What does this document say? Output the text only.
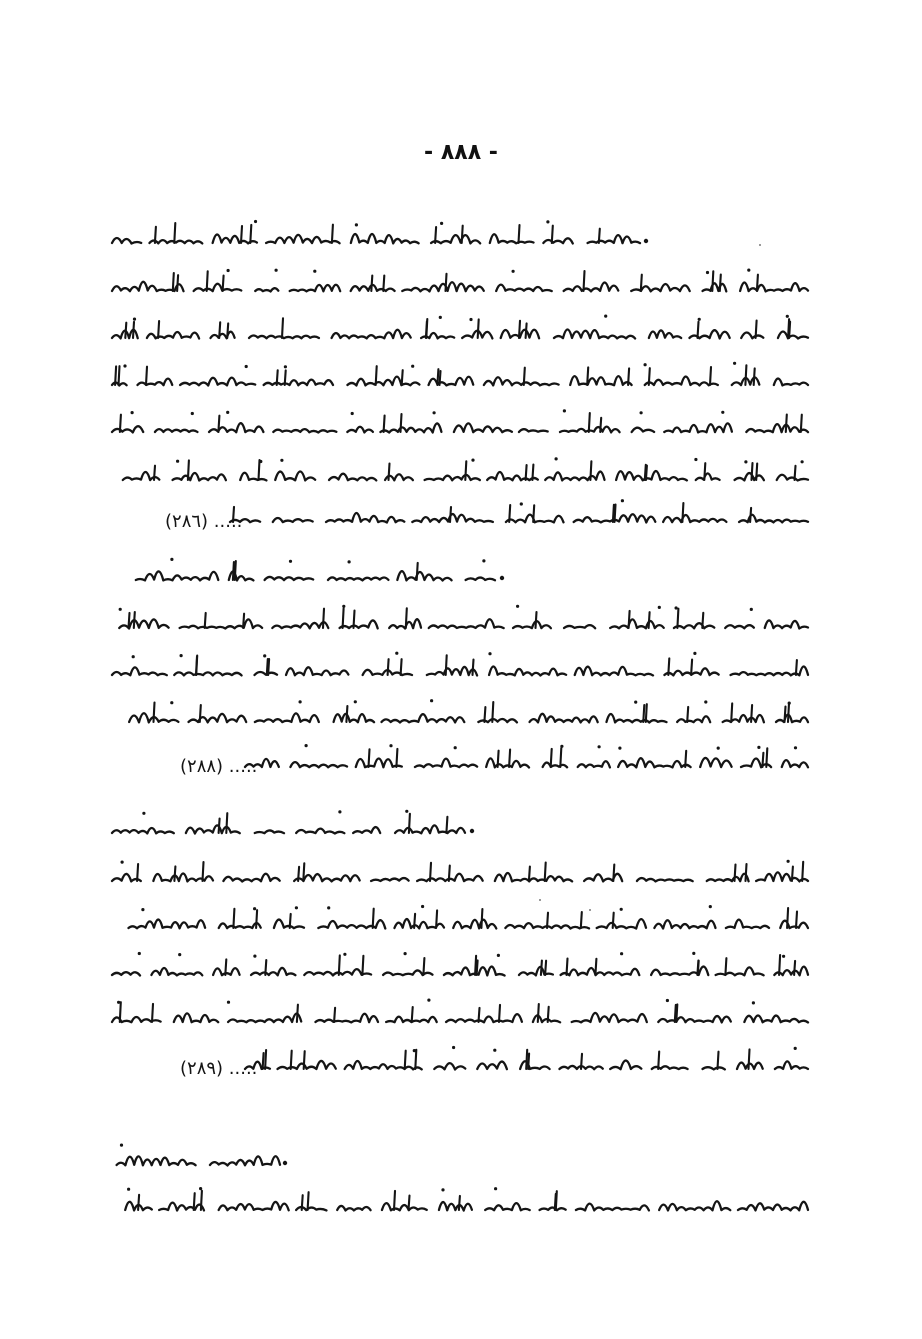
- ٨٨٨ -
(٢٨٦) .....
(٢٨٨) .....
(٢٨٩) .....
